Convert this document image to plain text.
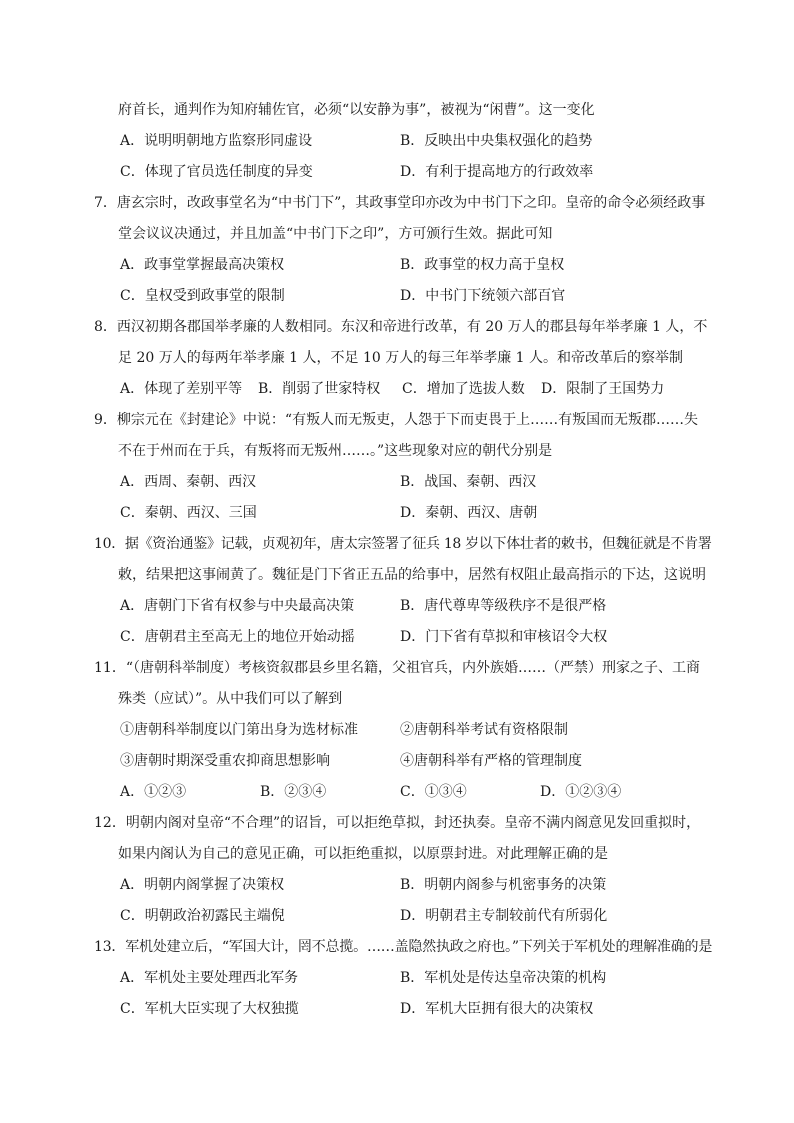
府首长，通判作为知府辅佐官，必须“以安静为事”，被视为“闲曹”。这一变化
A．说明明朝地方监察形同虚设	B．反映出中央集权强化的趋势
C．体现了官员选任制度的异变	D．有利于提高地方的行政效率
7．唐玄宗时，改政事堂名为“中书门下”，其政事堂印亦改为中书门下之印。皇帝的命令必须经政事
堂会议议决通过，并且加盖“中书门下之印”，方可颁行生效。据此可知
A．政事堂掌握最高决策权	B．政事堂的权力高于皇权
C．皇权受到政事堂的限制	D．中书门下统领六部百官
8．西汉初期各郡国举孝廉的人数相同。东汉和帝进行改革，有 20 万人的郡县每年举孝廉 1 人，不
足 20 万人的每两年举孝廉 1 人，不足 10 万人的每三年举孝廉 1 人。和帝改革后的察举制
A．体现了差别平等 B．削弱了世家特权 C．增加了选拔人数 D．限制了王国势力
9．柳宗元在《封建论》中说：“有叛人而无叛吏，人怨于下而吏畏于上……有叛国而无叛郡……失
不在于州而在于兵，有叛将而无叛州……。”这些现象对应的朝代分别是
A．西周、秦朝、西汉	B．战国、秦朝、西汉
C．秦朝、西汉、三国	D．秦朝、西汉、唐朝
10．据《资治通鉴》记载，贞观初年，唐太宗签署了征兵 18 岁以下体壮者的敕书，但魏征就是不肯署
敕，结果把这事闹黄了。魏征是门下省正五品的给事中，居然有权阻止最高指示的下达，这说明
A．唐朝门下省有权参与中央最高决策	B．唐代尊卑等级秩序不是很严格
C．唐朝君主至高无上的地位开始动摇	D．门下省有草拟和审核诏令大权
11．“（唐朝科举制度）考核资叙郡县乡里名籍，父祖官兵，内外族婚……（严禁）刑家之子、工商
殊类（应试）”。从中我们可以了解到
①唐朝科举制度以门第出身为选材标准	②唐朝科举考试有资格限制
③唐朝时期深受重农抑商思想影响	④唐朝科举有严格的管理制度
A．①②③	B．②③④	C．①③④	D．①②③④
12．明朝内阁对皇帝“不合理”的诏旨，可以拒绝草拟，封还执奏。皇帝不满内阁意见发回重拟时，
如果内阁认为自己的意见正确，可以拒绝重拟，以原票封进。对此理解正确的是
A．明朝内阁掌握了决策权	B．明朝内阁参与机密事务的决策
C．明朝政治初露民主端倪	D．明朝君主专制较前代有所弱化
13．军机处建立后，“军国大计，罔不总揽。……盖隐然执政之府也。”下列关于军机处的理解准确的是
A．军机处主要处理西北军务	B．军机处是传达皇帝决策的机构
C．军机大臣实现了大权独揽	D．军机大臣拥有很大的决策权
